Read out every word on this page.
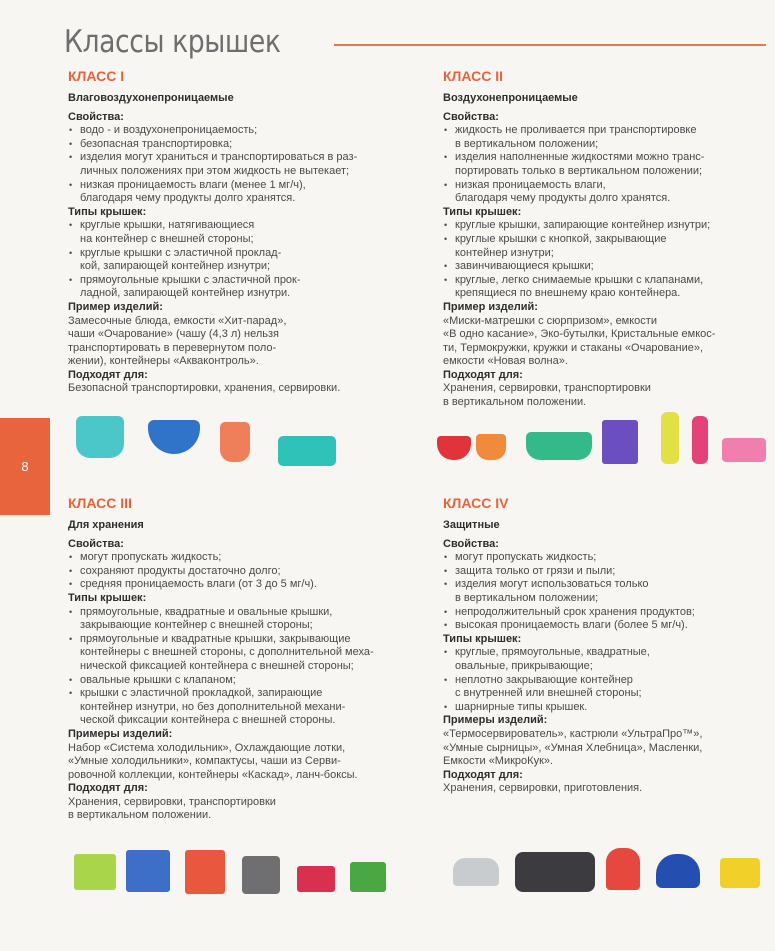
Классы крышек
8
КЛАСС I
Влаговоздухонепроницаемые
Свойства:
• водо - и воздухонепроницаемость;
• безопасная транспортировка;
• изделия могут храниться и транспортироваться в раз-
личных положениях при этом жидкость не вытекает;
• низкая проницаемость влаги (менее 1 мг/ч),
благодаря чему продукты долго хранятся.
Типы крышек:
• круглые крышки, натягивающиеся
на контейнер с внешней стороны;
• круглые крышки с эластичной проклад-
кой, запирающей контейнер изнутри;
• прямоугольные крышки с эластичной прок-
ладной, запирающей контейнер изнутри.
Пример изделий:
Замесочные блюда, емкости «Хит-парад»,
чаши «Очарование» (чашу (4,3 л) нельзя
транспортировать в перевернутом поло-
жении), контейнеры «Акваконтроль».
Подходят для:
Безопасной транспортировки, хранения, сервировки.
КЛАСС II
Воздухонепроницаемые
Свойства:
• жидкость не проливается при транспортировке
в вертикальном положении;
• изделия наполненные жидкостями можно транс-
портировать только в вертикальном положении;
• низкая проницаемость влаги,
благодаря чему продукты долго хранятся.
Типы крышек:
• круглые крышки, запирающие контейнер изнутри;
• круглые крышки с кнопкой, закрывающие
контейнер изнутри;
• завинчивающиеся крышки;
• круглые, легко снимаемые крышки с клапанами,
крепящиеся по внешнему краю контейнера.
Пример изделий:
«Миски-матрешки с сюрпризом», емкости
«В одно касание», Эко-бутылки, Кристальные емкос-
ти, Термокружки, кружки и стаканы «Очарование»,
емкости «Новая волна».
Подходят для:
Хранения, сервировки, транспортировки
в вертикальном положении.
КЛАСС III
Для хранения
Свойства:
• могут пропускать жидкость;
• сохраняют продукты достаточно долго;
• средняя проницаемость влаги (от 3 до 5 мг/ч).
Типы крышек:
• прямоугольные, квадратные и овальные крышки,
закрывающие контейнер с внешней стороны;
• прямоугольные и квадратные крышки, закрывающие
контейнеры с внешней стороны, с дополнительной меха-
нической фиксацией контейнера с внешней стороны;
• овальные крышки с клапаном;
• крышки с эластичной прокладкой, запирающие
контейнер изнутри, но без дополнительной механи-
ческой фиксации контейнера с внешней стороны.
Примеры изделий:
Набор «Система холодильник», Охлаждающие лотки,
«Умные холодильники», компактусы, чаши из Серви-
ровочной коллекции, контейнеры «Каскад», ланч-боксы.
Подходят для:
Хранения, сервировки, транспортировки
в вертикальном положении.
КЛАСС IV
Защитные
Свойства:
• могут пропускать жидкость;
• защита только от грязи и пыли;
• изделия могут использоваться только
в вертикальном положении;
• непродолжительный срок хранения продуктов;
• высокая проницаемость влаги (более 5 мг/ч).
Типы крышек:
• круглые, прямоугольные, квадратные,
овальные, прикрывающие;
• неплотно закрывающие контейнер
с внутренней или внешней стороны;
• шарнирные типы крышек.
Примеры изделий:
«Термосервирователь», кастрюли «УльтраПро™»,
«Умные сырницы», «Умная Хлебница», Масленки,
Емкости «МикроКук».
Подходят для:
Хранения, сервировки, приготовления.
